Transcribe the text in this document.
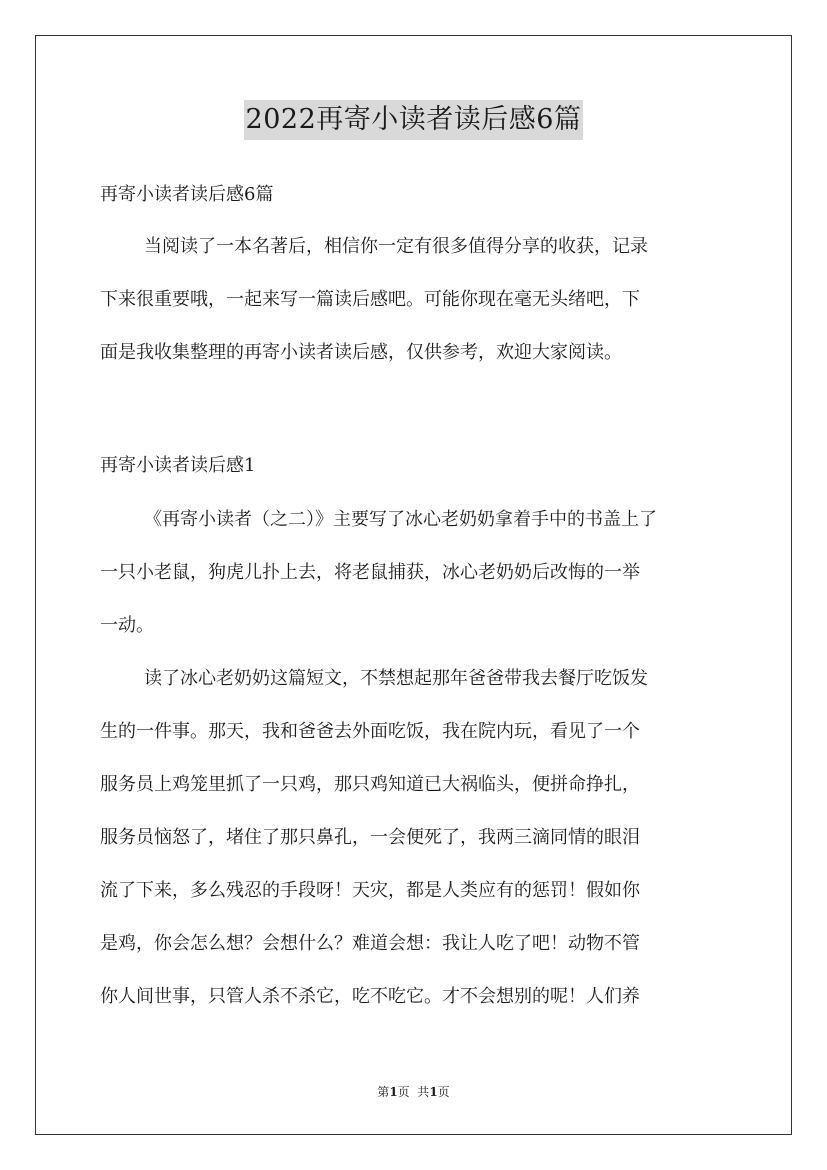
2022再寄小读者读后感6篇
再寄小读者读后感6篇
当阅读了一本名著后，相信你一定有很多值得分享的收获，记录
下来很重要哦，一起来写一篇读后感吧。可能你现在毫无头绪吧，下
面是我收集整理的再寄小读者读后感，仅供参考，欢迎大家阅读。
再寄小读者读后感1
《再寄小读者（之二）》主要写了冰心老奶奶拿着手中的书盖上了
一只小老鼠，狗虎儿扑上去，将老鼠捕获，冰心老奶奶后改悔的一举
一动。
读了冰心老奶奶这篇短文，不禁想起那年爸爸带我去餐厅吃饭发
生的一件事。那天，我和爸爸去外面吃饭，我在院内玩，看见了一个
服务员上鸡笼里抓了一只鸡，那只鸡知道已大祸临头，便拼命挣扎，
服务员恼怒了，堵住了那只鼻孔，一会便死了，我两三滴同情的眼泪
流了下来，多么残忍的手段呀！天灾，都是人类应有的惩罚！假如你
是鸡，你会怎么想？会想什么？难道会想：我让人吃了吧！动物不管
你人间世事，只管人杀不杀它，吃不吃它。才不会想别的呢！人们养
第1页  共1页
